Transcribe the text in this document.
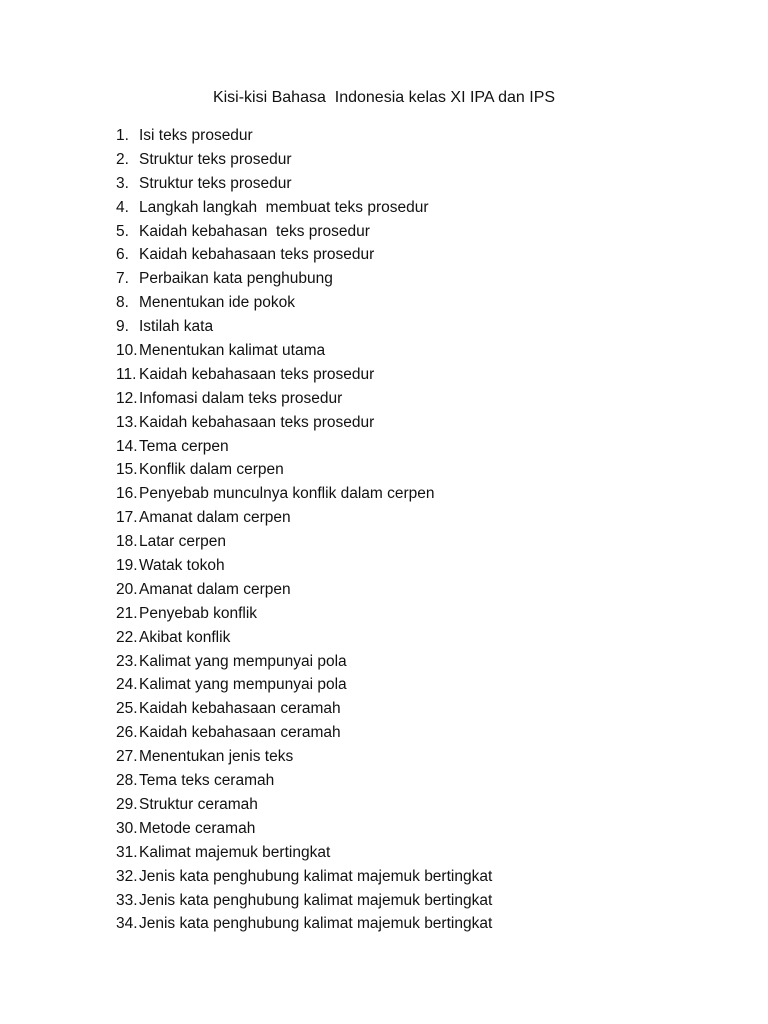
Kisi-kisi Bahasa  Indonesia kelas XI IPA dan IPS
1. Isi teks prosedur
2. Struktur teks prosedur
3. Struktur teks prosedur
4. Langkah langkah  membuat teks prosedur
5. Kaidah kebahasan  teks prosedur
6. Kaidah kebahasaan teks prosedur
7. Perbaikan kata penghubung
8. Menentukan ide pokok
9. Istilah kata
10. Menentukan kalimat utama
11. Kaidah kebahasaan teks prosedur
12. Infomasi dalam teks prosedur
13. Kaidah kebahasaan teks prosedur
14. Tema cerpen
15. Konflik dalam cerpen
16. Penyebab munculnya konflik dalam cerpen
17. Amanat dalam cerpen
18. Latar cerpen
19. Watak tokoh
20. Amanat dalam cerpen
21. Penyebab konflik
22. Akibat konflik
23. Kalimat yang mempunyai pola
24. Kalimat yang mempunyai pola
25. Kaidah kebahasaan ceramah
26. Kaidah kebahasaan ceramah
27. Menentukan jenis teks
28. Tema teks ceramah
29. Struktur ceramah
30. Metode ceramah
31. Kalimat majemuk bertingkat
32. Jenis kata penghubung kalimat majemuk bertingkat
33. Jenis kata penghubung kalimat majemuk bertingkat
34. Jenis kata penghubung kalimat majemuk bertingkat
